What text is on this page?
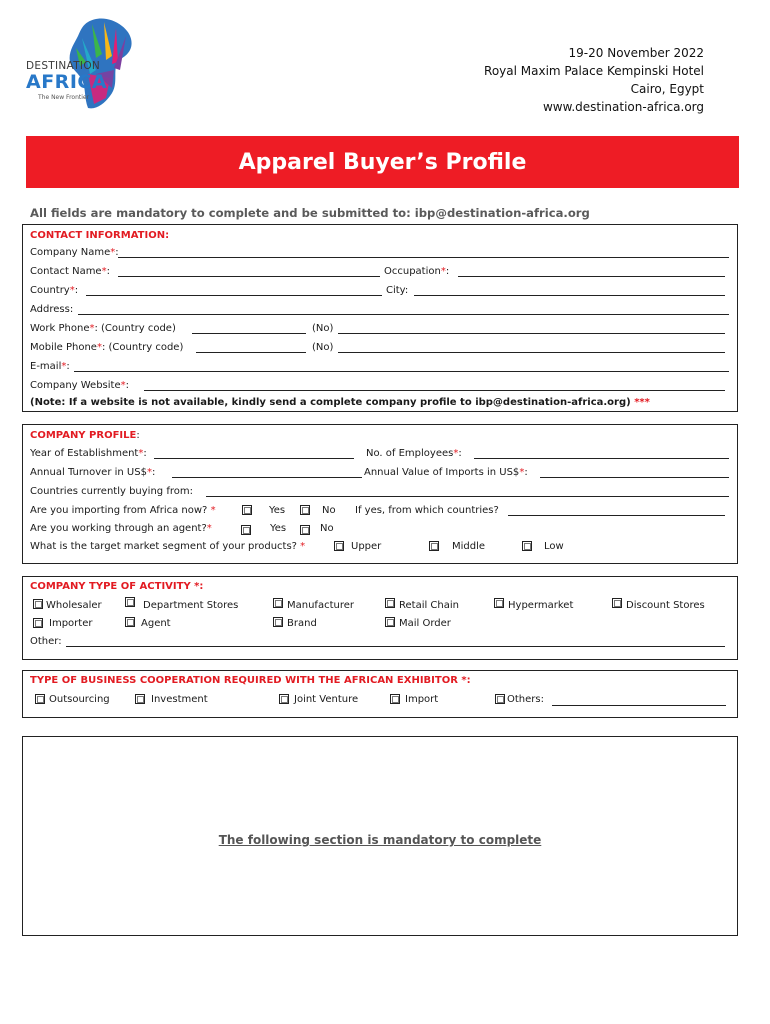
DESTINATION
AFRICA
The New Frontier
19-20 November 2022
Royal Maxim Palace Kempinski Hotel
Cairo, Egypt
www.destination-africa.org
Apparel Buyer’s Profile
All fields are mandatory to complete and be submitted to: ibp@destination-africa.org
CONTACT INFORMATION:
Company Name*:
Contact Name*:	Occupation*:
Country*:	City:
Address:
Work Phone*: (Country code)	(No)
Mobile Phone*: (Country code)	(No)
E-mail*:
Company Website*:
(Note: If a website is not available, kindly send a complete company profile to ibp@destination-africa.org) ***
COMPANY PROFILE:
Year of Establishment*:	No. of Employees*:
Annual Turnover in US$*:	Annual Value of Imports in US$*:
Countries currently buying from:
Are you importing from Africa now? *	Yes	No If yes, from which countries?
Are you working through an agent?*	Yes	No
What is the target market segment of your products? *	Upper	Middle	Low
COMPANY TYPE OF ACTIVITY *:
Wholesaler	Department Stores	Manufacturer	Retail Chain	Hypermarket	Discount Stores
Importer	Agent	Brand	Mail Order
Other:
TYPE OF BUSINESS COOPERATION REQUIRED WITH THE AFRICAN EXHIBITOR *:
Outsourcing	Investment	Joint Venture	Import	Others:
The following section is mandatory to complete
